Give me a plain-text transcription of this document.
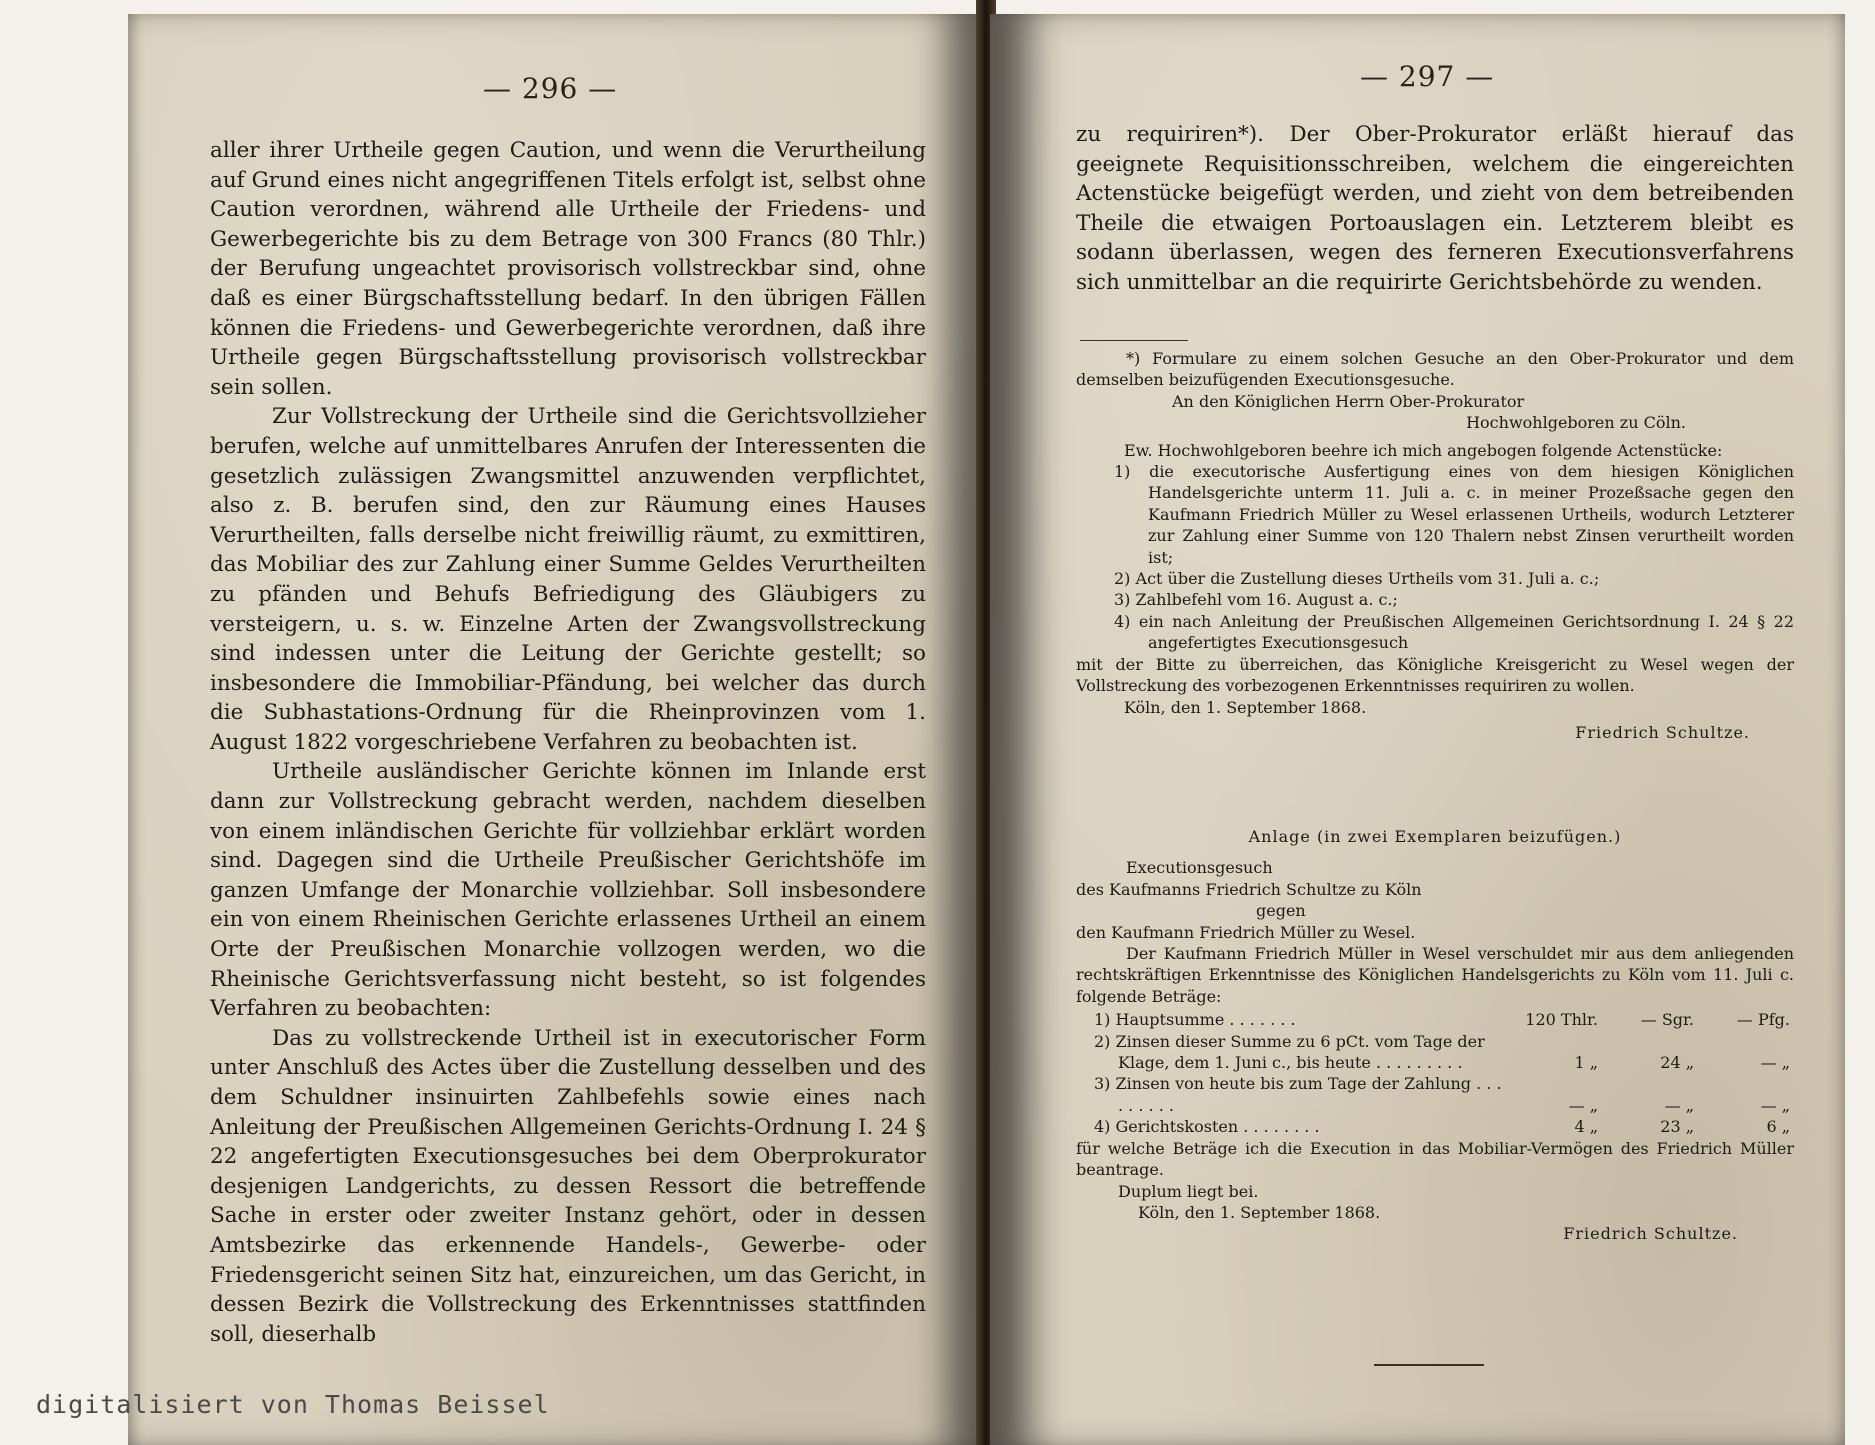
— 296 —

aller ihrer Urtheile gegen Caution, und wenn die Verurtheilung auf Grund eines nicht angegriffenen Titels erfolgt ist, selbst ohne Caution verordnen, während alle Urtheile der Friedens- und Gewerbegerichte bis zu dem Betrage von 300 Francs (80 Thlr.) der Berufung ungeachtet provisorisch vollstreckbar sind, ohne daß es einer Bürgschaftsstellung bedarf. In den übrigen Fällen können die Friedens- und Gewerbegerichte verordnen, daß ihre Urtheile gegen Bürgschaftsstellung provisorisch vollstreckbar sein sollen.

Zur Vollstreckung der Urtheile sind die Gerichtsvollzieher berufen, welche auf unmittelbares Anrufen der Interessenten die gesetzlich zulässigen Zwangsmittel anzuwenden verpflichtet, also z. B. berufen sind, den zur Räumung eines Hauses Verurtheilten, falls derselbe nicht freiwillig räumt, zu exmittiren, das Mobiliar des zur Zahlung einer Summe Geldes Verurtheilten zu pfänden und Behufs Befriedigung des Gläubigers zu versteigern, u. s. w. Einzelne Arten der Zwangsvollstreckung sind indessen unter die Leitung der Gerichte gestellt; so insbesondere die Immobiliar-Pfändung, bei welcher das durch die Subhastations-Ordnung für die Rheinprovinzen vom 1. August 1822 vorgeschriebene Verfahren zu beobachten ist.

Urtheile ausländischer Gerichte können im Inlande erst dann zur Vollstreckung gebracht werden, nachdem dieselben von einem inländischen Gerichte für vollziehbar erklärt worden sind. Dagegen sind die Urtheile Preußischer Gerichtshöfe im ganzen Umfange der Monarchie vollziehbar. Soll insbesondere ein von einem Rheinischen Gerichte erlassenes Urtheil an einem Orte der Preußischen Monarchie vollzogen werden, wo die Rheinische Gerichtsverfassung nicht besteht, so ist folgendes Verfahren zu beobachten:

Das zu vollstreckende Urtheil ist in executorischer Form unter Anschluß des Actes über die Zustellung desselben und des dem Schuldner insinuirten Zahlbefehls sowie eines nach Anleitung der Preußischen Allgemeinen Gerichts-Ordnung I. 24 § 22 angefertigten Executionsgesuches bei dem Oberprokurator desjenigen Landgerichts, zu dessen Ressort die betreffende Sache in erster oder zweiter Instanz gehört, oder in dessen Amtsbezirke das erkennende Handels-, Gewerbe- oder Friedensgericht seinen Sitz hat, einzureichen, um das Gericht, in dessen Bezirk die Vollstreckung des Erkenntnisses stattfinden soll, dieserhalb

— 297 —

zu requiriren*). Der Ober-Prokurator erläßt hierauf das geeignete Requisitionsschreiben, welchem die eingereichten Actenstücke beigefügt werden, und zieht von dem betreibenden Theile die etwaigen Portoauslagen ein. Letzterem bleibt es sodann überlassen, wegen des ferneren Executionsverfahrens sich unmittelbar an die requirirte Gerichtsbehörde zu wenden.

*) Formulare zu einem solchen Gesuche an den Ober-Prokurator und dem demselben beizufügenden Executionsgesuche.

An den Königlichen Herrn Ober-Prokurator

Hochwohlgeboren zu Cöln.

Ew. Hochwohlgeboren beehre ich mich angebogen folgende Actenstücke:

1) die executorische Ausfertigung eines von dem hiesigen Königlichen Handelsgerichte unterm 11. Juli a. c. in meiner Prozeßsache gegen den Kaufmann Friedrich Müller zu Wesel erlassenen Urtheils, wodurch Letzterer zur Zahlung einer Summe von 120 Thalern nebst Zinsen verurtheilt worden ist;

2) Act über die Zustellung dieses Urtheils vom 31. Juli a. c.;

3) Zahlbefehl vom 16. August a. c.;

4) ein nach Anleitung der Preußischen Allgemeinen Gerichtsordnung I. 24 § 22 angefertigtes Executionsgesuch

mit der Bitte zu überreichen, das Königliche Kreisgericht zu Wesel wegen der Vollstreckung des vorbezogenen Erkenntnisses requiriren zu wollen.

Köln, den 1. September 1868.

Friedrich Schultze.

Anlage (in zwei Exemplaren beizufügen.)

Executionsgesuch

des Kaufmanns Friedrich Schultze zu Köln

gegen

den Kaufmann Friedrich Müller zu Wesel.

Der Kaufmann Friedrich Müller in Wesel verschuldet mir aus dem anliegenden rechtskräftigen Erkenntnisse des Königlichen Handelsgerichts zu Köln vom 11. Juli c. folgende Beträge:

1) Hauptsumme . . . . . . .	120 Thlr.	— Sgr.	— Pfg.
2) Zinsen dieser Summe zu 6 pCt. vom Tage der Klage, dem 1. Juni c., bis heute . . . . . . . . .	1 „	24 „	— „
3) Zinsen von heute bis zum Tage der Zahlung . . . . . . . . .	— „	— „	— „
4) Gerichtskosten . . . . . . . .	4 „	23 „	6 „

für welche Beträge ich die Execution in das Mobiliar-Vermögen des Friedrich Müller beantrage.

Duplum liegt bei.

Köln, den 1. September 1868.

Friedrich Schultze.

digitalisiert von Thomas Beissel
